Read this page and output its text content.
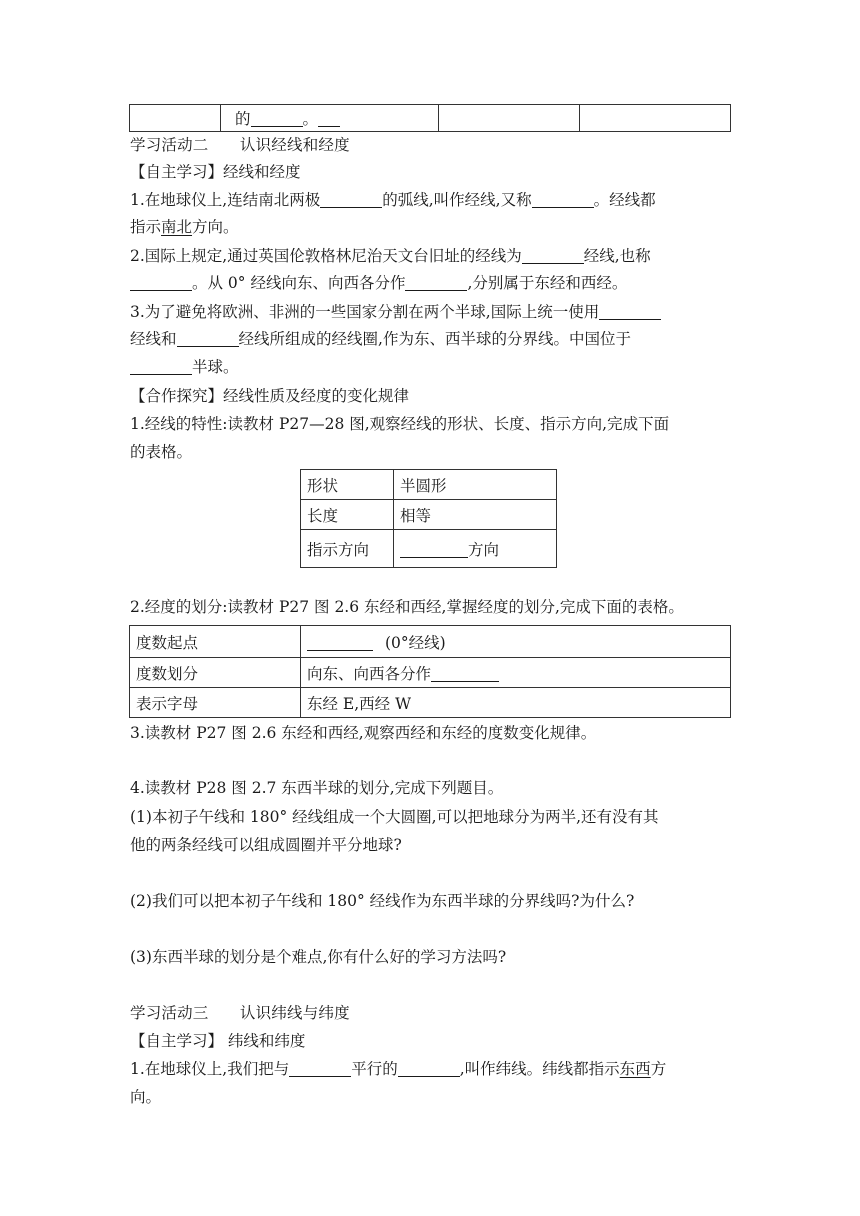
	的	。		
学习活动二　　认识经线和经度
【自主学习】经线和经度
1.在地球仪上,连结南北两极	的弧线,叫作经线,又称	。经线都
指示南北方向。
2.国际上规定,通过英国伦敦格林尼治天文台旧址的经线为	经线,也称
。从 0° 经线向东、向西各分作	,分别属于东经和西经。
3.为了避免将欧洲、非洲的一些国家分割在两个半球,国际上统一使用
经线和	经线所组成的经线圈,作为东、西半球的分界线。中国位于
半球。
【合作探究】经线性质及经度的变化规律
1.经线的特性:读教材 P27—28 图,观察经线的形状、长度、指示方向,完成下面
的表格。
形状	半圆形
长度	相等
指示方向	方向
2.经度的划分:读教材 P27 图 2.6 东经和西经,掌握经度的划分,完成下面的表格。
度数起点	(0°经线)
度数划分	向东、向西各分作
表示字母	东经 E,西经 W
3.读教材 P27 图 2.6 东经和西经,观察西经和东经的度数变化规律。
4.读教材 P28 图 2.7 东西半球的划分,完成下列题目。
(1)本初子午线和 180° 经线组成一个大圆圈,可以把地球分为两半,还有没有其
他的两条经线可以组成圆圈并平分地球?
(2)我们可以把本初子午线和 180° 经线作为东西半球的分界线吗?为什么?
(3)东西半球的划分是个难点,你有什么好的学习方法吗?
学习活动三　　认识纬线与纬度
【自主学习】 纬线和纬度
1.在地球仪上,我们把与	平行的	,叫作纬线。纬线都指示东西方
向。
